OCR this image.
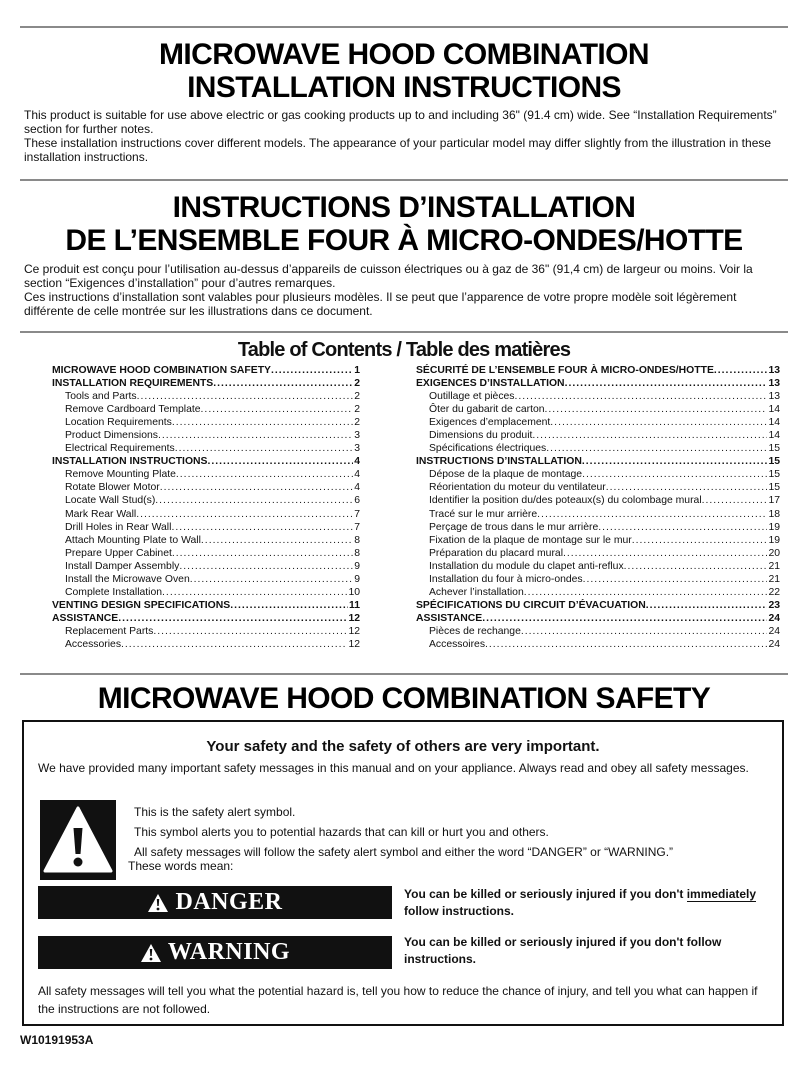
MICROWAVE HOOD COMBINATION
INSTALLATION INSTRUCTIONS

This product is suitable for use above electric or gas cooking products up to and including 36" (91.4 cm) wide. See “Installation Requirements” section for further notes.

These installation instructions cover different models. The appearance of your particular model may differ slightly from the illustration in these installation instructions.

INSTRUCTIONS D’INSTALLATION
DE L’ENSEMBLE FOUR À MICRO-ONDES/HOTTE

Ce produit est conçu pour l’utilisation au-dessus d’appareils de cuisson électriques ou à gaz de 36" (91,4 cm) de largeur ou moins. Voir la section “Exigences d’installation” pour d’autres remarques.

Ces instructions d’installation sont valables pour plusieurs modèles. Il se peut que l’apparence de votre propre modèle soit légèrement différente de celle montrée sur les illustrations dans ce document.

Table of Contents / Table des matières
MICROWAVE HOOD COMBINATION SAFETY .....	1
INSTALLATION REQUIREMENTS .....	2
Tools and Parts .....	2
Remove Cardboard Template .....	2
Location Requirements .....	2
Product Dimensions .....	3
Electrical Requirements .....	3
INSTALLATION INSTRUCTIONS .....	4
Remove Mounting Plate .....	4
Rotate Blower Motor .....	4
Locate Wall Stud(s) .....	6
Mark Rear Wall .....	7
Drill Holes in Rear Wall .....	7
Attach Mounting Plate to Wall .....	8
Prepare Upper Cabinet .....	8
Install Damper Assembly .....	9
Install the Microwave Oven .....	9
Complete Installation .....	10
VENTING DESIGN SPECIFICATIONS .....	11
ASSISTANCE .....	12
Replacement Parts .....	12
Accessories .....	12
SÉCURITÉ DE L’ENSEMBLE FOUR À MICRO-ONDES/HOTTE .....	13
EXIGENCES D’INSTALLATION .....	13
Outillage et pièces .....	13
Ôter du gabarit de carton .....	14
Exigences d’emplacement .....	14
Dimensions du produit .....	14
Spécifications électriques .....	15
INSTRUCTIONS D’INSTALLATION .....	15
Dépose de la plaque de montage .....	15
Réorientation du moteur du ventilateur .....	15
Identifier la position du/des poteaux(s) du colombage mural .....	17
Tracé sur le mur arrière .....	18
Perçage de trous dans le mur arrière .....	19
Fixation de la plaque de montage sur le mur .....	19
Préparation du placard mural .....	20
Installation du module du clapet anti-reflux .....	21
Installation du four à micro-ondes .....	21
Achever l’installation .....	22
SPÉCIFICATIONS DU CIRCUIT D’ÉVACUATION .....	23
ASSISTANCE .....	24
Pièces de rechange .....	24
Accessoires .....	24
MICROWAVE HOOD COMBINATION SAFETY
Your safety and the safety of others are very important.
We have provided many important safety messages in this manual and on your appliance. Always read and obey all safety messages.
This is the safety alert symbol.
This symbol alerts you to potential hazards that can kill or hurt you and others.
All safety messages will follow the safety alert symbol and either the word “DANGER” or “WARNING.”
These words mean:
DANGER	You can be killed or seriously injured if you don't immediately
follow instructions.
WARNING	You can be killed or seriously injured if you don't follow instructions.
All safety messages will tell you what the potential hazard is, tell you how to reduce the chance of injury, and tell you what can happen if the instructions are not followed.
W10191953A
